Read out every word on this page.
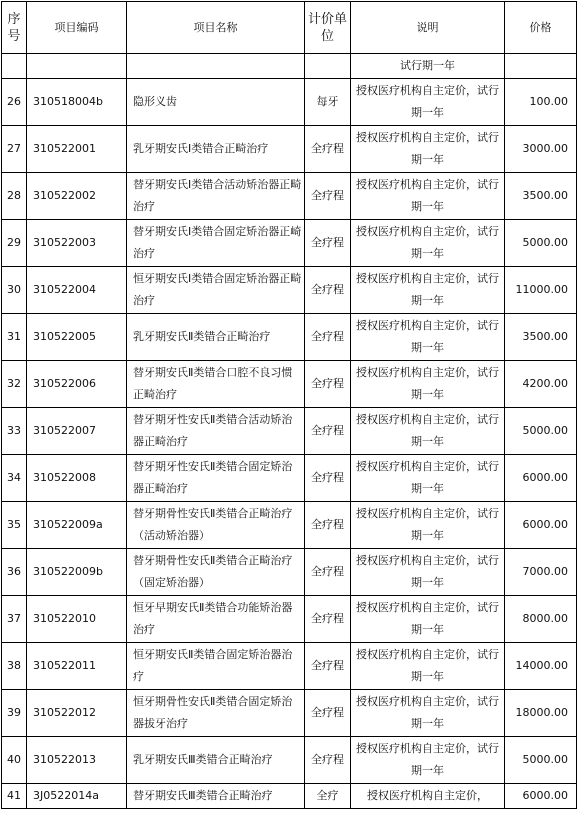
序号	项目编码	项目名称	计价单位	说明	价格
				试行期一年	
26	310518004b	隐形义齿	每牙	授权医疗机构自主定价，试行期一年	100.00
27	310522001	乳牙期安氏Ⅰ类错合正畸治疗	全疗程	授权医疗机构自主定价，试行期一年	3000.00
28	310522002	替牙期安氏Ⅰ类错合活动矫治器正畸治疗	全疗程	授权医疗机构自主定价，试行期一年	3500.00
29	310522003	替牙期安氏Ⅰ类错合固定矫治器正崎治疗	全疗程	授权医疗机构自主定价，试行期一年	5000.00
30	310522004	恒牙期安氏Ⅰ类错合固定矫治器正畸治疗	全疗程	授权医疗机构自主定价，试行期一年	11000.00
31	310522005	乳牙期安氏Ⅱ类错合正畸治疗	全疗程	授权医疗机构自主定价，试行期一年	3500.00
32	310522006	替牙期安氏Ⅱ类错合口腔不良习惯正畸治疗	全疗程	授权医疗机构自主定价，试行期一年	4200.00
33	310522007	替牙期牙性安氏Ⅱ类错合活动矫治器正畸治疗	全疗程	授权医疗机构自主定价，试行期一年	5000.00
34	310522008	替牙期牙性安氏Ⅱ类错合固定矫治器正畸治疗	全疗程	授权医疗机构自主定价，试行期一年	6000.00
35	310522009a	替牙期骨性安氏Ⅱ类错合正畸治疗（活动矫治器）	全疗程	授权医疗机构自主定价，试行期一年	6000.00
36	310522009b	替牙期骨性安氏Ⅱ类错合正畸治疗（固定矫治器）	全疗程	授权医疗机构自主定价，试行期一年	7000.00
37	310522010	恒牙早期安氏Ⅱ类错合功能矫治器治疗	全疗程	授权医疗机构自主定价，试行期一年	8000.00
38	310522011	恒牙期安氏Ⅱ类错合固定矫治器治疗	全疗程	授权医疗机构自主定价，试行期一年	14000.00
39	310522012	恒牙期骨性安氏Ⅱ类错合固定矫治器拔牙治疗	全疗程	授权医疗机构自主定价，试行期一年	18000.00
40	310522013	乳牙期安氏Ⅲ类错合正畸治疗	全疗程	授权医疗机构自主定价，试行期一年	5000.00
41	3J0522014a	替牙期安氏Ⅲ类错合正畸治疗	全疗	授权医疗机构自主定价，	6000.00
